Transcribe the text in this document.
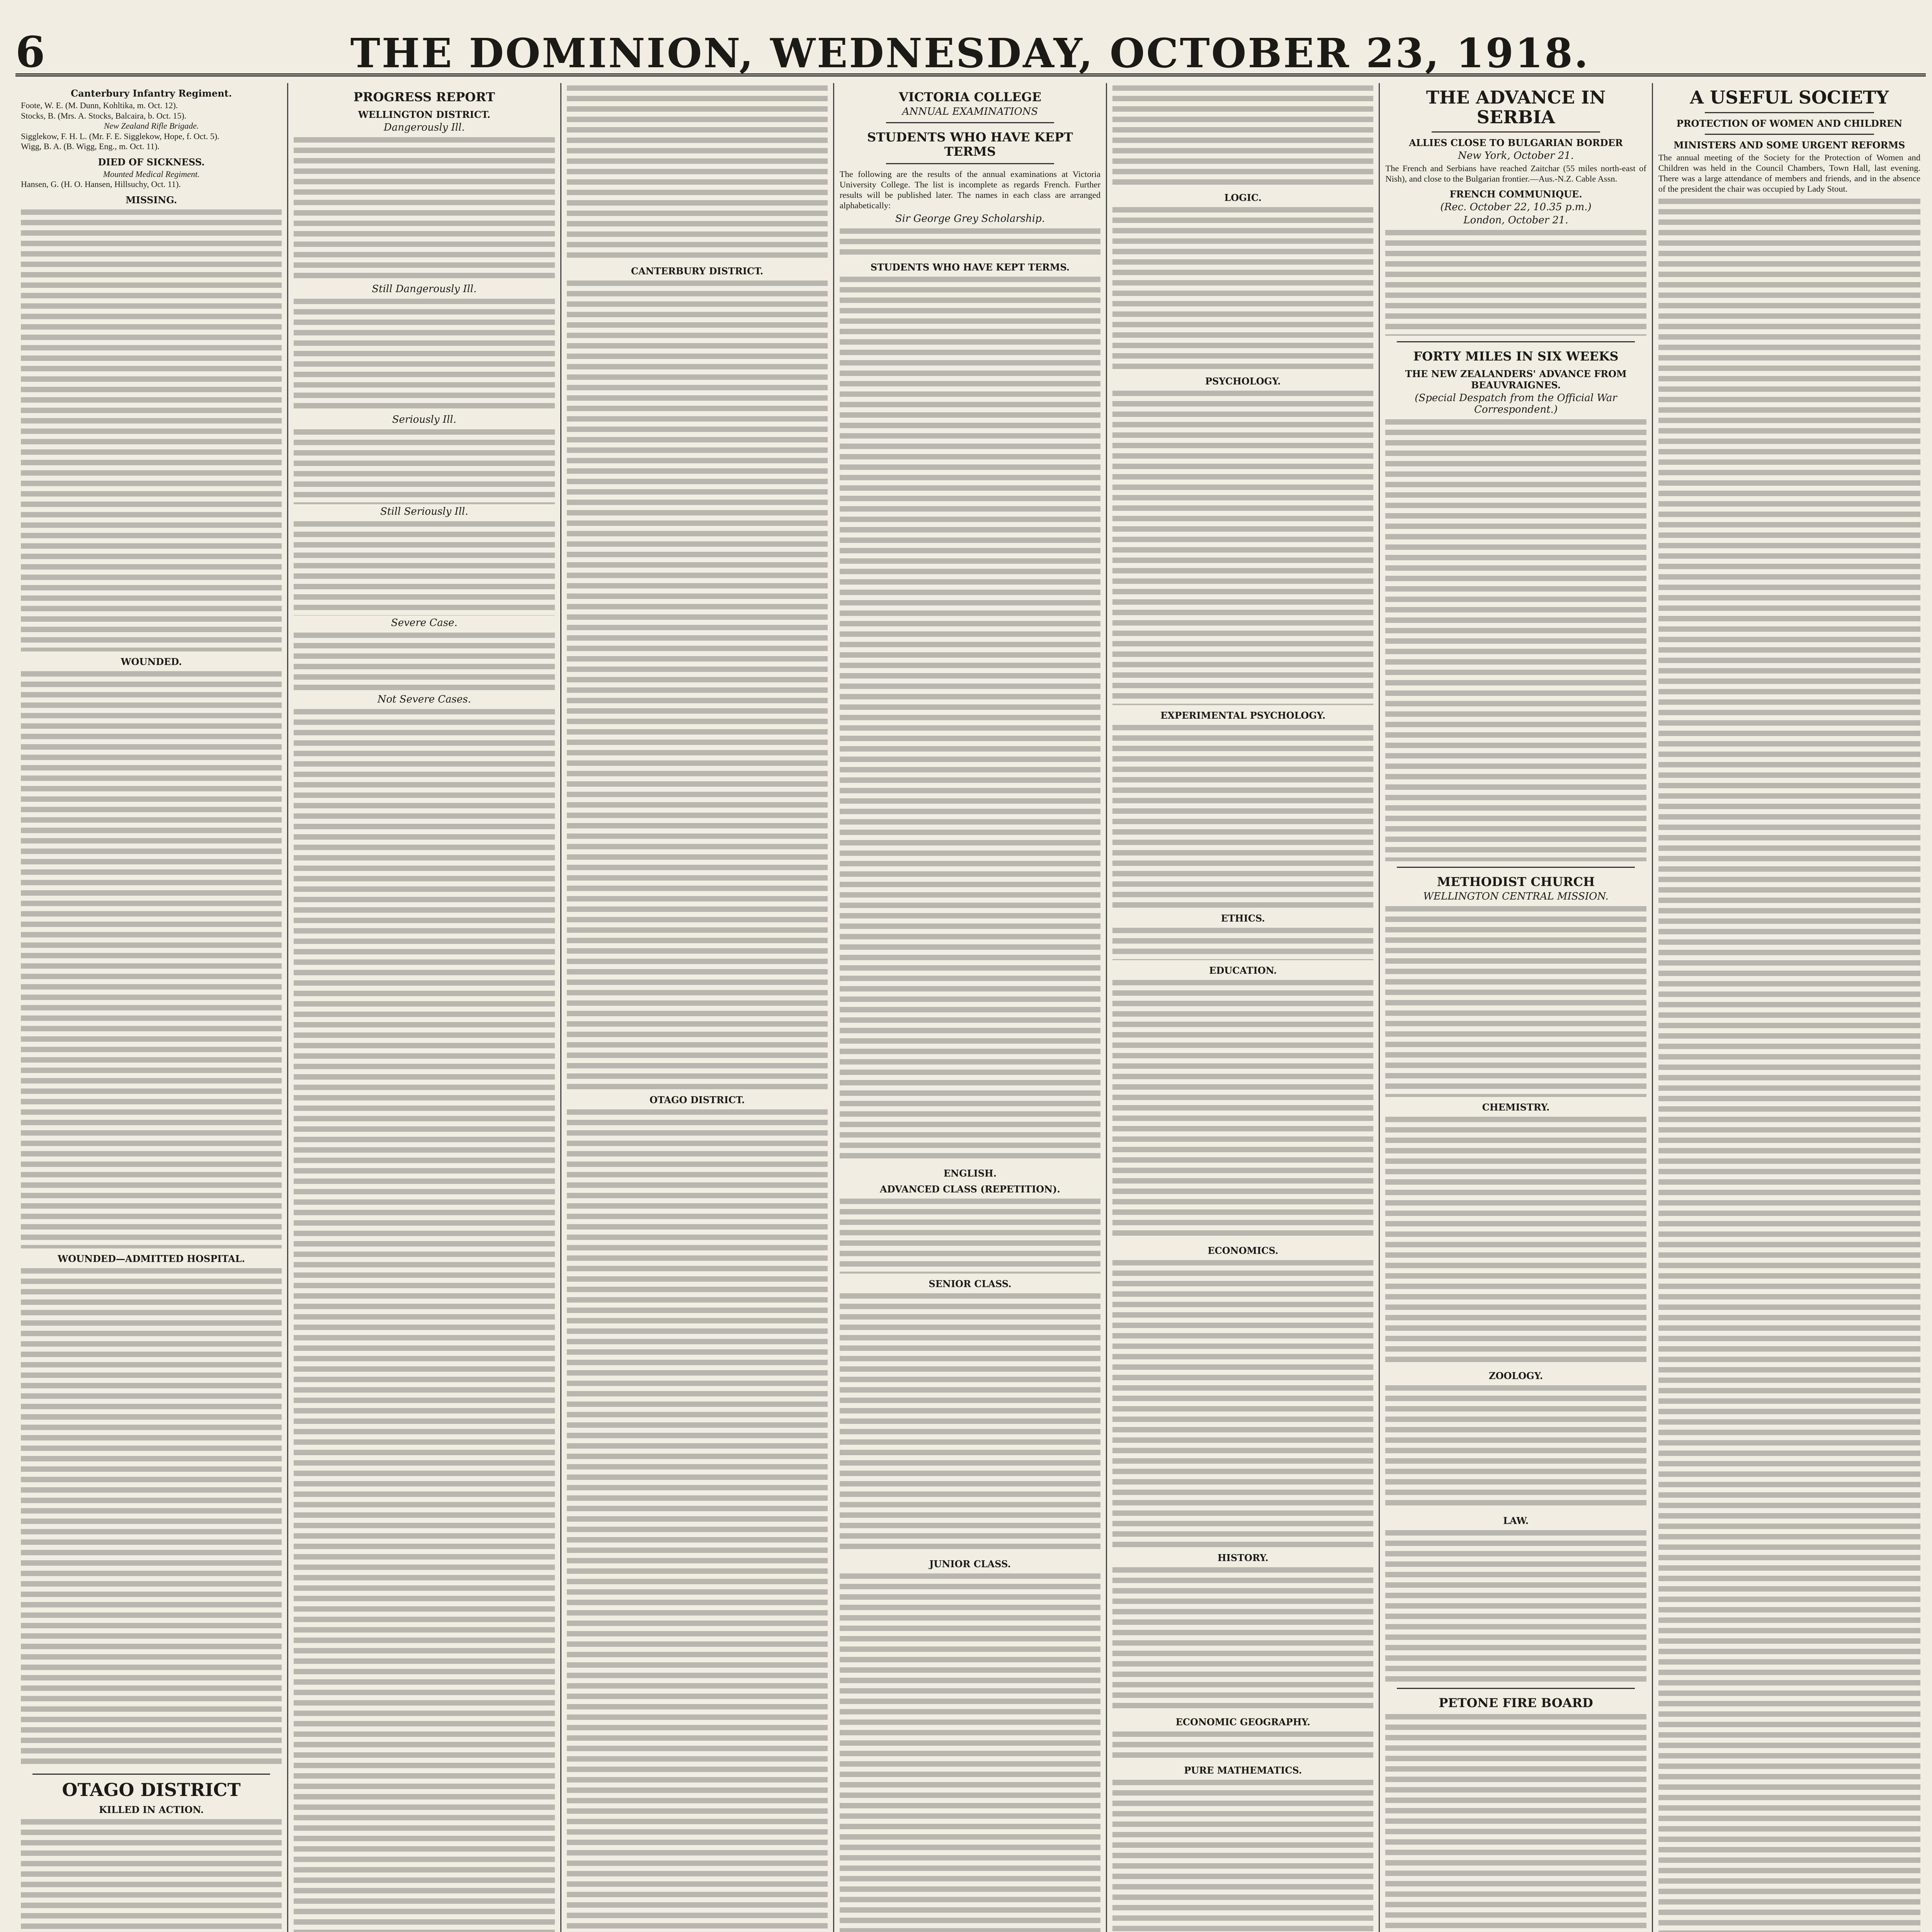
6	THE DOMINION, WEDNESDAY, OCTOBER 23, 1918.
Canterbury Infantry Regiment.
Foote, W. E. (M. Dunn, Kohltika, m. Oct. 12).
Stocks, B. (Mrs. A. Stocks, Balcaira, b. Oct. 15).
New Zealand Rifle Brigade.
Sigglekow, F. H. L. (Mr. F. E. Sigglekow, Hope, f. Oct. 5).
Wigg, B. A. (B. Wigg, Eng., m. Oct. 11).
DIED OF SICKNESS.
Mounted Medical Regiment.
Hansen, G. (H. O. Hansen, Hillsuchy, Oct. 11).
MISSING.
WOUNDED.
WOUNDED—ADMITTED HOSPITAL.
OTAGO DISTRICT
KILLED IN ACTION.
PROGRESS REPORT
WELLINGTON DISTRICT.
Dangerously Ill.
Still Dangerously Ill.
Seriously Ill.
Still Seriously Ill.
Severe Case.
Not Severe Cases.
CANTERBURY DISTRICT.
OTAGO DISTRICT.

VICTORIA COLLEGE
ANNUAL EXAMINATIONS
STUDENTS WHO HAVE KEPT TERMS

The following are the results of the annual examinations at Victoria University College. The list is incomplete as regards French. Further results will be published later. The names in each class are arranged alphabetically:

Sir George Grey Scholarship.
STUDENTS WHO HAVE KEPT TERMS.
ENGLISH.
ADVANCED CLASS (REPETITION).
SENIOR CLASS.
JUNIOR CLASS.
LOGIC.
PSYCHOLOGY.
EXPERIMENTAL PSYCHOLOGY.
ETHICS.
EDUCATION.
ECONOMICS.
HISTORY.
ECONOMIC GEOGRAPHY.
PURE MATHEMATICS.
THE ADVANCE IN SERBIA
ALLIES CLOSE TO BULGARIAN BORDER
New York, October 21.

The French and Serbians have reached Zaitchar (55 miles north-east of Nish), and close to the Bulgarian frontier.—Aus.-N.Z. Cable Assn.

FRENCH COMMUNIQUE.
(Rec. October 22, 10.35 p.m.)
London, October 21.
FORTY MILES IN SIX WEEKS
THE NEW ZEALANDERS' ADVANCE FROM BEAUVRAIGNES.
(Special Despatch from the Official War Correspondent.)
METHODIST CHURCH
WELLINGTON CENTRAL MISSION.
CHEMISTRY.
ZOOLOGY.
LAW.
PETONE FIRE BOARD
A USEFUL SOCIETY
PROTECTION OF WOMEN AND CHILDREN
MINISTERS AND SOME URGENT REFORMS

The annual meeting of the Society for the Protection of Women and Children was held in the Council Chambers, Town Hall, last evening. There was a large attendance of members and friends, and in the absence of the president the chair was occupied by Lady Stout.
